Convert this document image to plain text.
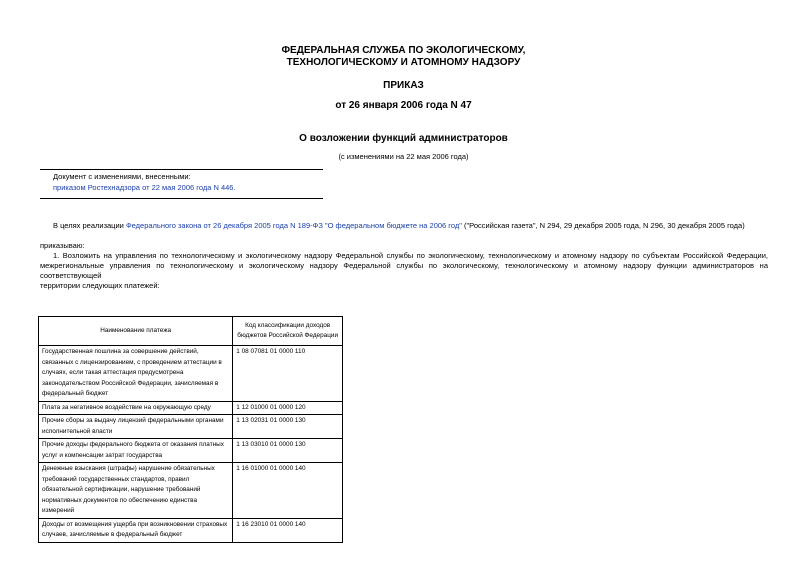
ФЕДЕРАЛЬНАЯ СЛУЖБА ПО ЭКОЛОГИЧЕСКОМУ,
ТЕХНОЛОГИЧЕСКОМУ И АТОМНОМУ НАДЗОРУ
ПРИКАЗ
от 26 января 2006 года N 47
О возложении функций администраторов
(с изменениями на 22 мая 2006 года)
Документ с изменениями, внесенными:
приказом Ростехнадзора от 22 мая 2006 года N 446.
В целях реализации Федерального закона от 26 декабря 2005 года N 189-ФЗ "О федеральном бюджете на 2006 год" ("Российская газета", N 294, 29 декабря 2005 года, N 296, 30 декабря 2005 года)
приказываю:
1. Возложить на управления по технологическому и экологическому надзору Федеральной службы по экологическому, технологическому и атомному надзору по субъектам Российской Федерации,
межрегиональные управления по технологическому и экологическому надзору Федеральной службы по экологическому, технологическому и атомному надзору функции администраторов на соответствующей
территории следующих платежей:
Наименование платежа	Код классификации доходов бюджетов Российской Федерации
Государственная пошлина за совершение действий, связанных с лицензированием, с проведением аттестации в случаях, если такая аттестация предусмотрена законодательством Российской Федерации, зачисляемая в федеральный бюджет	1 08 07081 01 0000 110
Плата за негативное воздействие на окружающую среду	1 12 01000 01 0000 120
Прочие сборы за выдачу лицензий федеральными органами исполнительной власти	1 13 02031 01 0000 130
Прочие доходы федерального бюджета от оказания платных услуг и компенсации затрат государства	1 13 03010 01 0000 130
Денежные взыскания (штрафы) нарушение обязательных требований государственных стандартов, правил обязательной сертификации, нарушение требований нормативных документов по обеспечению единства измерений	1 16 01000 01 0000 140
Доходы от возмещения ущерба при возникновении страховых случаев, зачисляемые в федеральный бюджет	1 16 23010 01 0000 140
